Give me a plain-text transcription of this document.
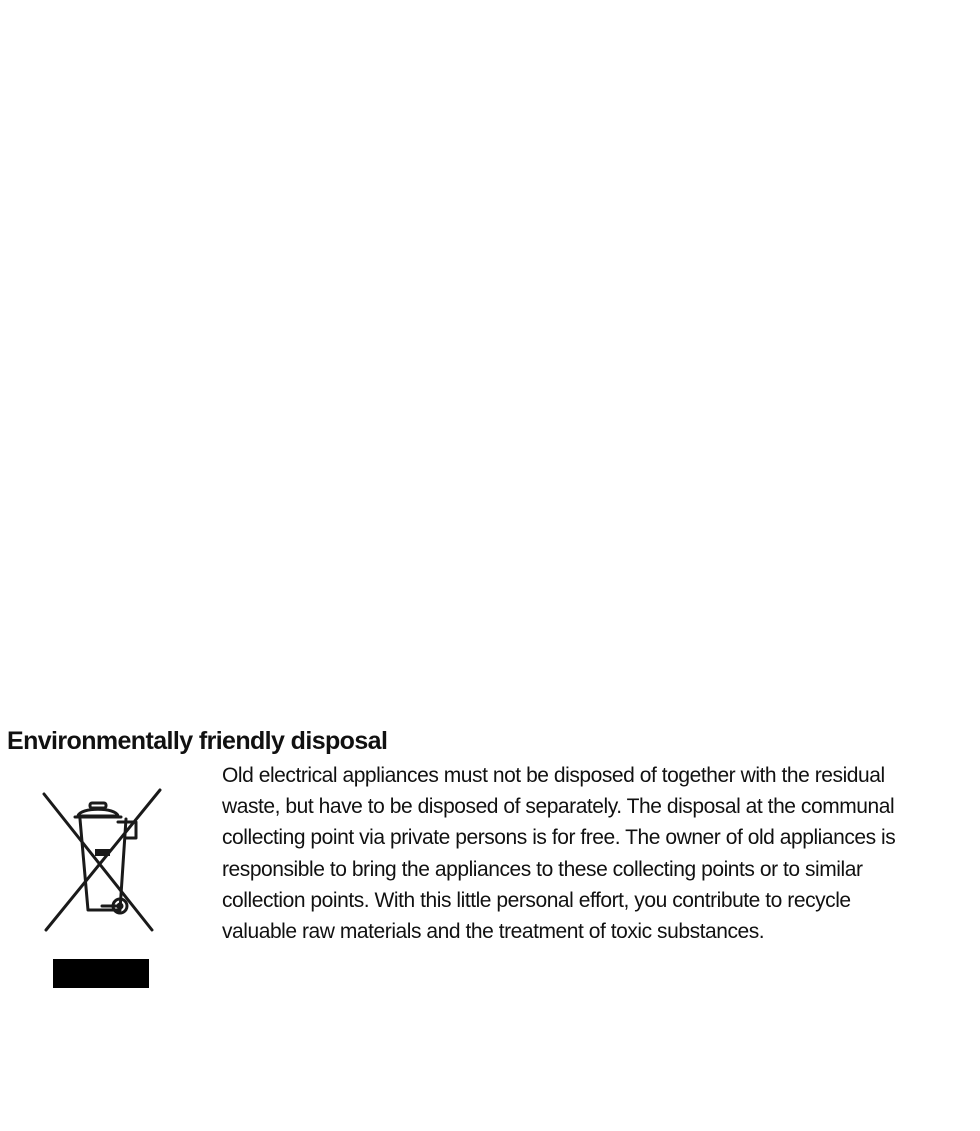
Environmentally friendly disposal

Old electrical appliances must not be disposed of together with the residual
waste, but have to be disposed of separately. The disposal at the communal
collecting point via private persons is for free. The owner of old appliances is
responsible to bring the appliances to these collecting points or to similar
collection points. With this little personal effort, you contribute to recycle
valuable raw materials and the treatment of toxic substances.
